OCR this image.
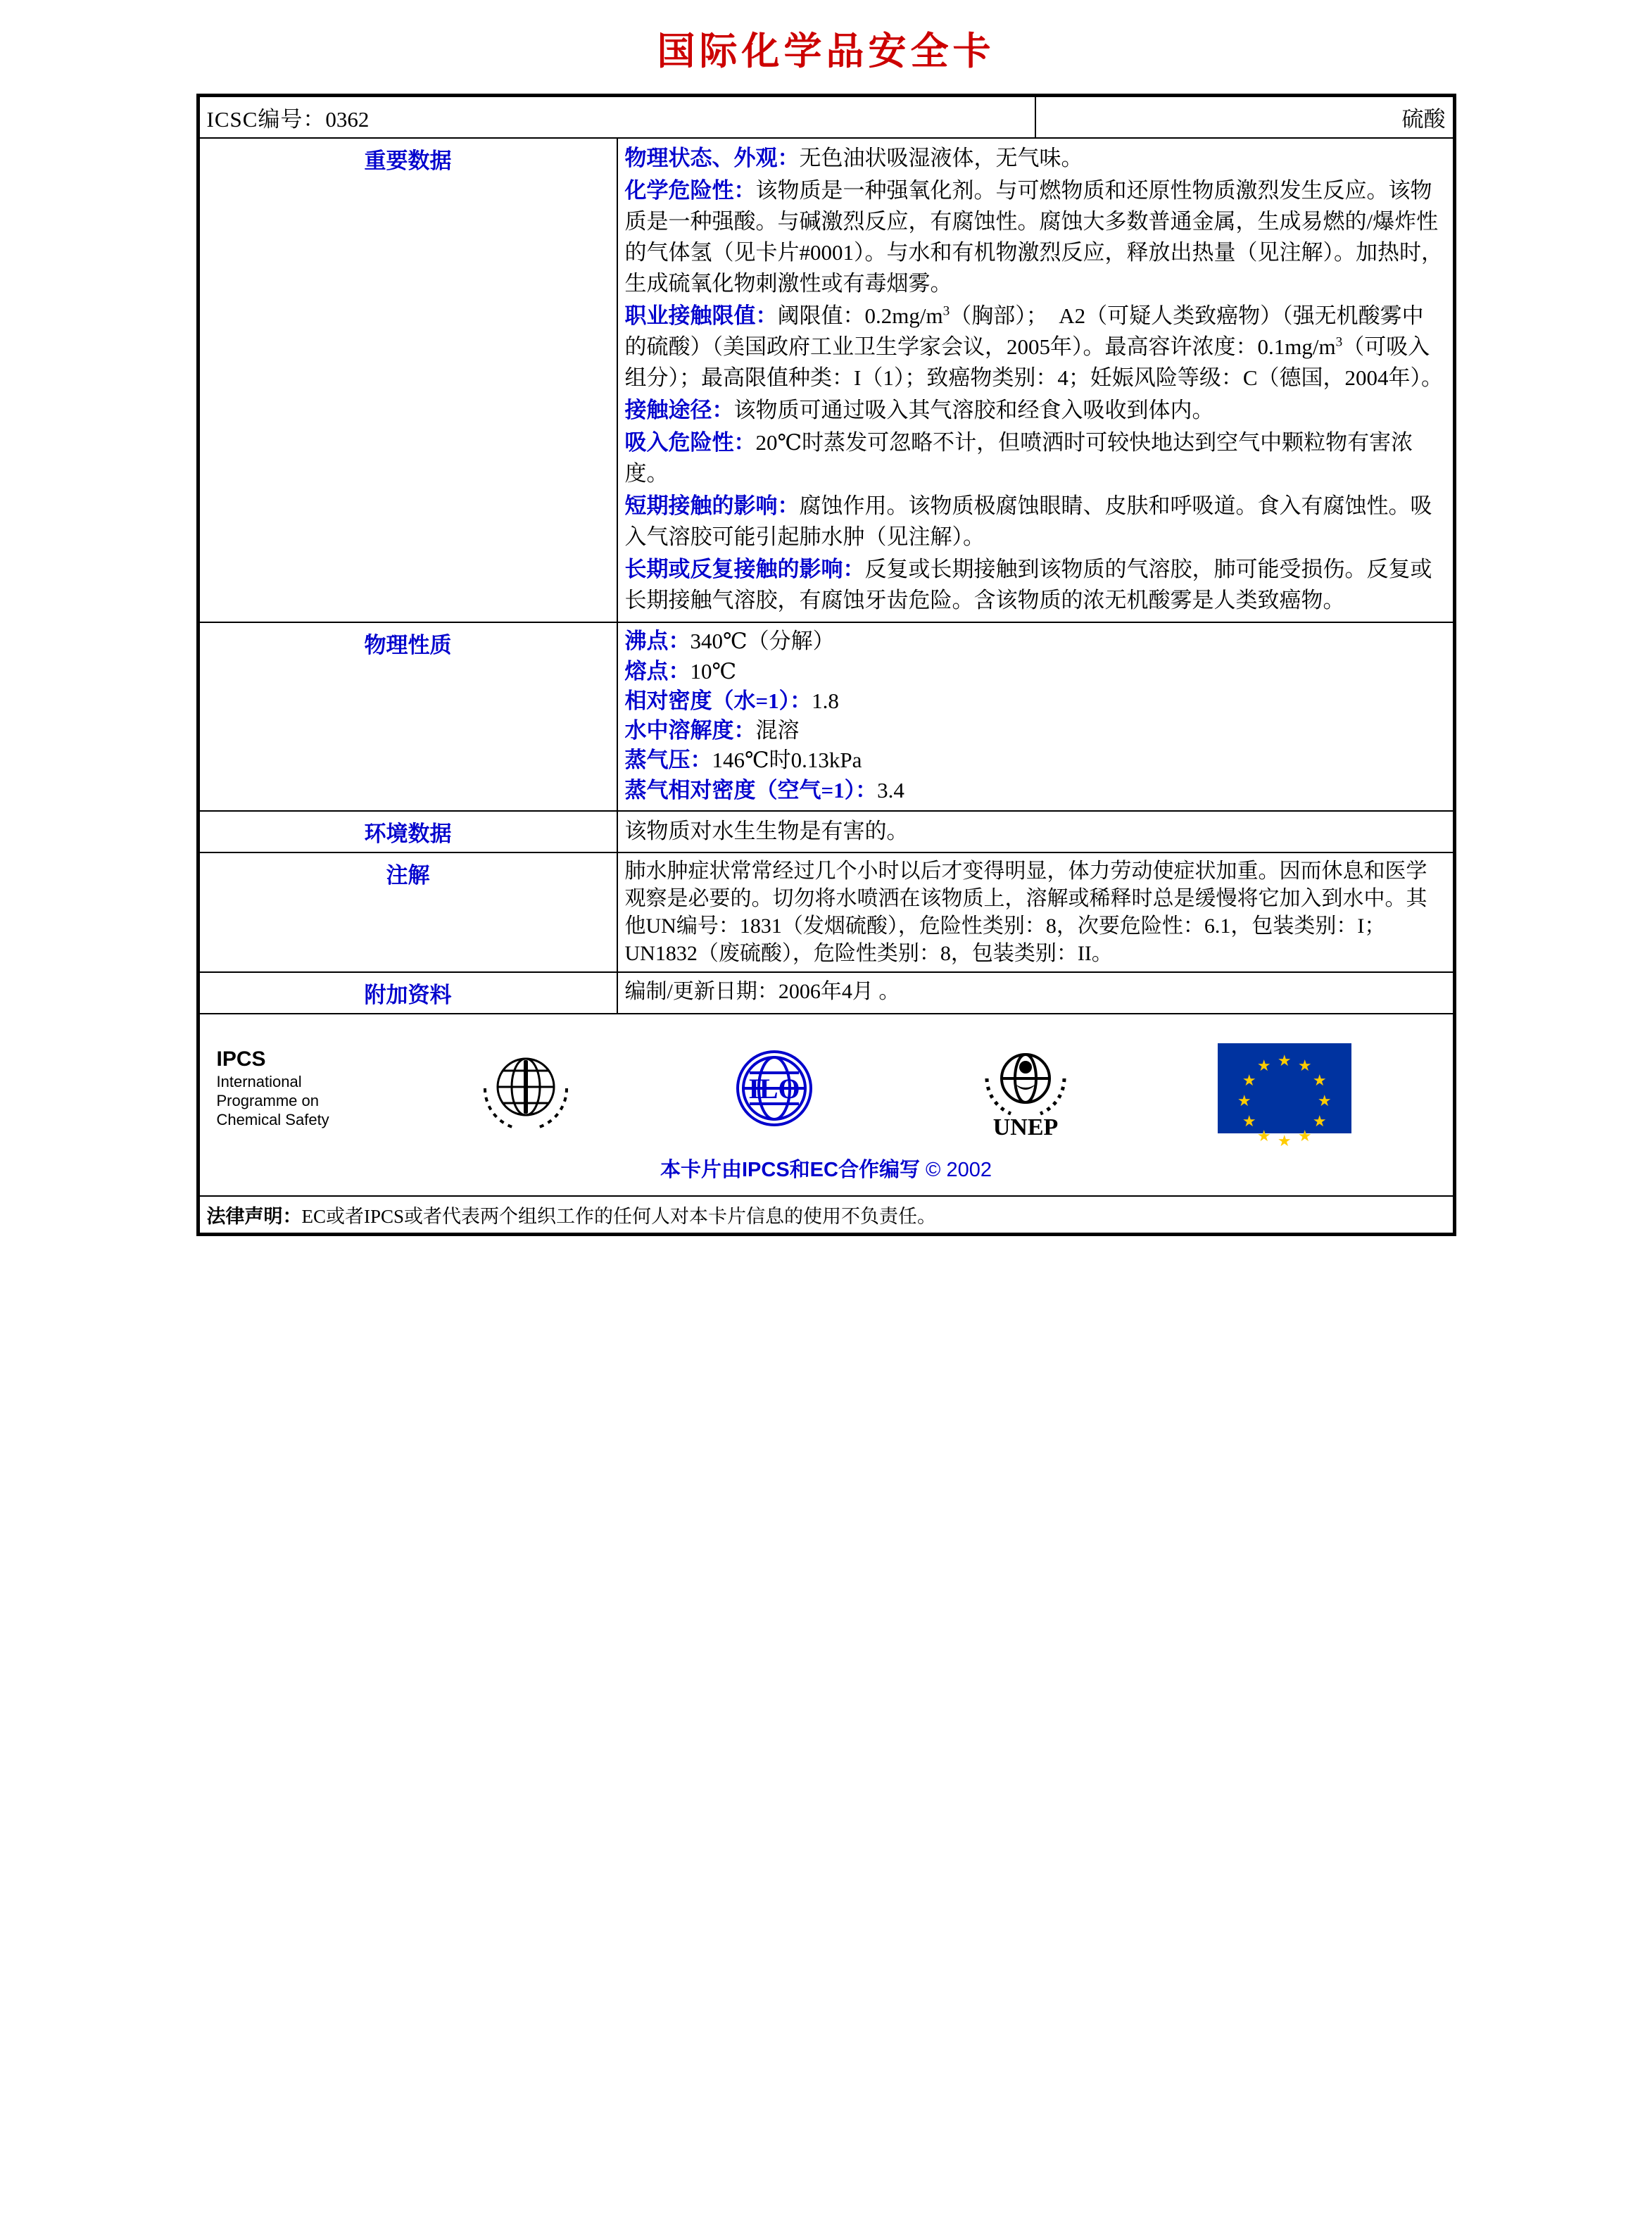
国际化学品安全卡
ICSC编号：0362		硫酸
重要数据	物理状态、外观：无色油状吸湿液体，无气味。

化学危险性：该物质是一种强氧化剂。与可燃物质和还原性物质激烈发生反应。该物质是一种强酸。与碱激烈反应，有腐蚀性。腐蚀大多数普通金属，生成易燃的/爆炸性的气体氢（见卡片#0001）。与水和有机物激烈反应，释放出热量（见注解）。加热时，生成硫氧化物刺激性或有毒烟雾。

职业接触限值：阈限值：$0.2mg/m^3$（胸部）；  A2（可疑人类致癌物）（强无机酸雾中的硫酸）（美国政府工业卫生学家会议，2005年）。最高容许浓度：$0.1mg/m^3$（可吸入组分）；最高限值种类：I（1）；致癌物类别：4；妊娠风险等级：C（德国，2004年）。

接触途径：该物质可通过吸入其气溶胶和经食入吸收到体内。

吸入危险性：20℃时蒸发可忽略不计，但喷洒时可较快地达到空气中颗粒物有害浓度。

短期接触的影响：腐蚀作用。该物质极腐蚀眼睛、皮肤和呼吸道。食入有腐蚀性。吸入气溶胶可能引起肺水肿（见注解）。

长期或反复接触的影响：反复或长期接触到该物质的气溶胶，肺可能受损伤。反复或长期接触气溶胶，有腐蚀牙齿危险。含该物质的浓无机酸雾是人类致癌物。

物理性质	沸点：340℃（分解）

熔点：10℃

相对密度（水=1）：1.8

水中溶解度：混溶

蒸气压：146℃时0.13kPa

蒸气相对密度（空气=1）：3.4

环境数据	该物质对水生生物是有害的。	
注解	肺水肿症状常常经过几个小时以后才变得明显，体力劳动使症状加重。因而休息和医学观察是必要的。切勿将水喷洒在该物质上，溶解或稀释时总是缓慢将它加入到水中。其他UN编号：1831（发烟硫酸），危险性类别：8，次要危险性：6.1，包装类别：I；UN1832（废硫酸），危险性类别：8，包装类别：II。	
附加资料	编制/更新日期：2006年4月 。	

IPCS
International
Programme on
Chemical Safety
ILO
UNEP
★ ★
★
★
★
★
★
★
★
★
★
★
本卡片由IPCS和EC合作编写 © 2002

法律声明：EC或者IPCS或者代表两个组织工作的任何人对本卡片信息的使用不负责任。		
